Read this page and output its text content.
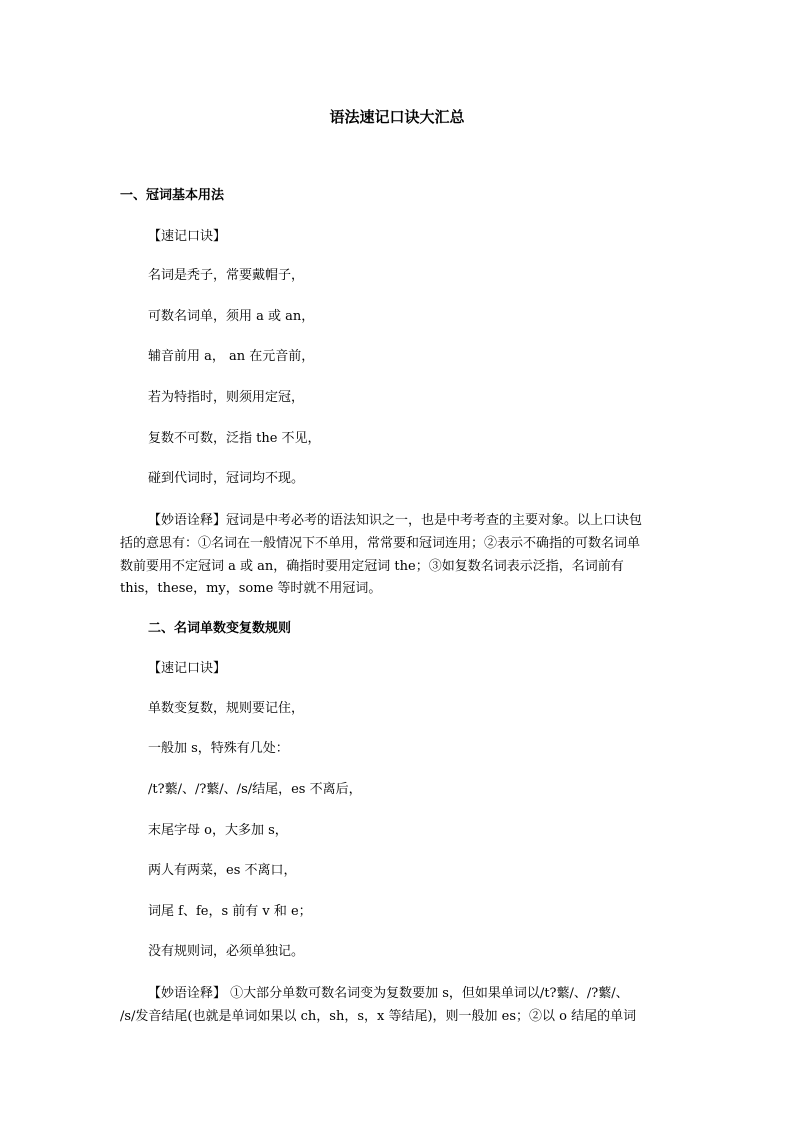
语法速记口诀大汇总

一、冠词基本用法

【速记口诀】

名词是秃子，常要戴帽子，

可数名词单，须用 a 或 an，

辅音前用 a， an 在元音前，

若为特指时，则须用定冠，

复数不可数，泛指 the 不见，

碰到代词时，冠词均不现。

【妙语诠释】冠词是中考必考的语法知识之一，也是中考考查的主要对象。以上口诀包

括的意思有：①名词在一般情况下不单用，常常要和冠词连用；②表示不确指的可数名词单

数前要用不定冠词 a 或 an，确指时要用定冠词 the；③如复数名词表示泛指，名词前有

this，these，my，some 等时就不用冠词。

二、名词单数变复数规则

【速记口诀】

单数变复数，规则要记住，

一般加 s，特殊有几处：

/t?蘩/、/?蘩/、/s/结尾，es 不离后，

末尾字母 o，大多加 s，

两人有两菜，es 不离口，

词尾 f、fe，s 前有 v 和 e；

没有规则词，必须单独记。

【妙语诠释】 ①大部分单数可数名词变为复数要加 s，但如果单词以/t?蘩/、/?蘩/、

/s/发音结尾(也就是单词如果以 ch，sh，s，x 等结尾)，则一般加 es；②以 o 结尾的单词
